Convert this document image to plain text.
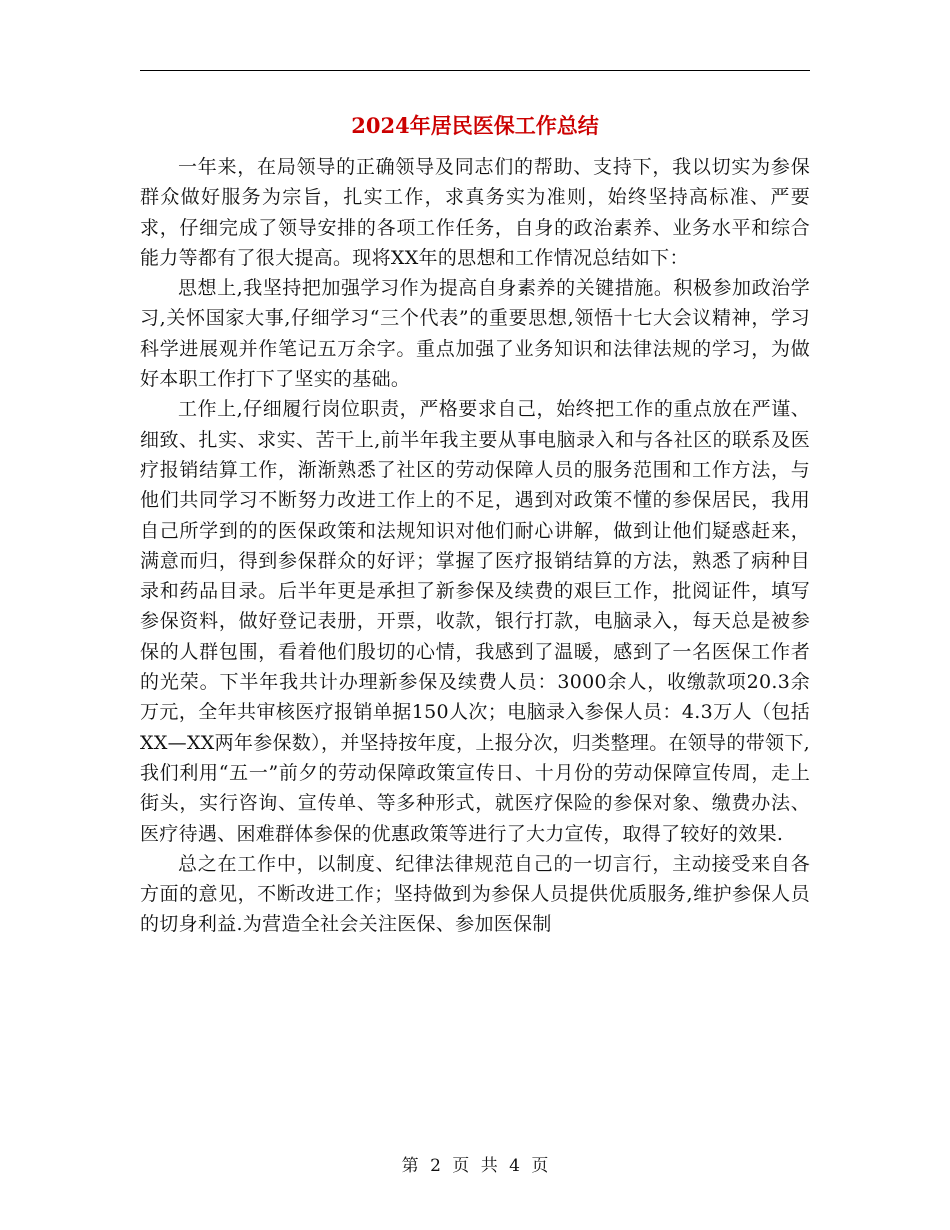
2024年居民医保工作总结

一年来，在局领导的正确领导及同志们的帮助、支持下，我以切实为参保群众做好服务为宗旨，扎实工作，求真务实为准则，始终坚持高标准、严要求，仔细完成了领导安排的各项工作任务，自身的政治素养、业务水平和综合能力等都有了很大提高。现将XX年的思想和工作情况总结如下：

思想上,我坚持把加强学习作为提高自身素养的关键措施。积极参加政治学习,关怀国家大事,仔细学习“三个代表”的重要思想,领悟十七大会议精神，学习科学进展观并作笔记五万余字。重点加强了业务知识和法律法规的学习，为做好本职工作打下了坚实的基础。

工作上,仔细履行岗位职责，严格要求自己，始终把工作的重点放在严谨、细致、扎实、求实、苦干上,前半年我主要从事电脑录入和与各社区的联系及医疗报销结算工作，渐渐熟悉了社区的劳动保障人员的服务范围和工作方法，与他们共同学习不断努力改进工作上的不足，遇到对政策不懂的参保居民，我用自己所学到的的医保政策和法规知识对他们耐心讲解，做到让他们疑惑赶来，满意而归，得到参保群众的好评；掌握了医疗报销结算的方法，熟悉了病种目录和药品目录。后半年更是承担了新参保及续费的艰巨工作，批阅证件，填写参保资料，做好登记表册，开票，收款，银行打款，电脑录入，每天总是被参保的人群包围，看着他们殷切的心情，我感到了温暖，感到了一名医保工作者的光荣。下半年我共计办理新参保及续费人员：3000余人，收缴款项20.3余万元，全年共审核医疗报销单据150人次；电脑录入参保人员：4.3万人（包括XX—XX两年参保数），并坚持按年度，上报分次，归类整理。在领导的带领下,我们利用“五一”前夕的劳动保障政策宣传日、十月份的劳动保障宣传周，走上街头，实行咨询、宣传单、等多种形式，就医疗保险的参保对象、缴费办法、医疗待遇、困难群体参保的优惠政策等进行了大力宣传，取得了较好的效果.

总之在工作中，以制度、纪律法律规范自己的一切言行，主动接受来自各方面的意见，不断改进工作；坚持做到为参保人员提供优质服务,维护参保人员的切身利益.为营造全社会关注医保、参加医保制

第 2 页 共 4 页
